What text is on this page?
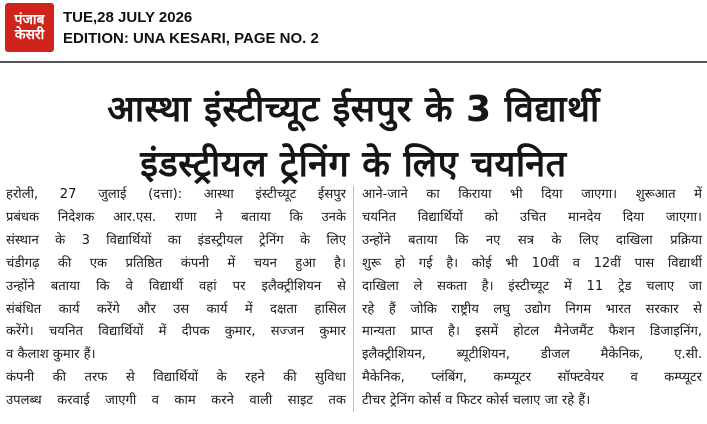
पंजाब
केसरी
TUE,28 JULY 2026
EDITION: UNA KESARI, PAGE NO. 2
आस्था इंस्टीच्यूट ईसपुर के 3 विद्यार्थी
इंडस्ट्रीयल ट्रेनिंग के लिए चयनित
हरोली, 27 जुलाई (दत्ता): आस्था इंस्टीच्यूट ईसपुर
प्रबंधक निदेशक आर.एस. राणा ने बताया कि उनके
संस्थान के 3 विद्यार्थियों का इंडस्ट्रीयल ट्रेनिंग के लिए
चंडीगढ़ की एक प्रतिष्ठित कंपनी में चयन हुआ है।
उन्होंने बताया कि वे विद्यार्थी वहां पर इलैक्ट्रीशियन से
संबंधित कार्य करेंगे और उस कार्य में दक्षता हासिल
करेंगे। चयनित विद्यार्थियों में दीपक कुमार, सज्जन कुमार
व कैलाश कुमार हैं।
कंपनी की तरफ से विद्यार्थियों के रहने की सुविधा
उपलब्ध करवाई जाएगी व काम करने वाली साइट तक
आने-जाने का किराया भी दिया जाएगा। शुरूआत में
चयनित विद्यार्थियों को उचित मानदेय दिया जाएगा।
उन्होंने बताया कि नए सत्र के लिए दाखिला प्रक्रिया
शुरू हो गई है। कोई भी 10वीं व 12वीं पास विद्यार्थी
दाखिला ले सकता है। इंस्टीच्यूट में 11 ट्रेड चलाए जा
रहे हैं जोकि राष्ट्रीय लघु उद्योग निगम भारत सरकार से
मान्यता प्राप्त है। इसमें होटल मैनेजमैंट फैशन डिजाइनिंग,
इलैक्ट्रीशियन, ब्यूटीशियन, डीजल मैकेनिक, ए.सी.
मैकेनिक, प्लंबिंग, कम्प्यूटर सॉफ्टवेयर व कम्प्यूटर
टीचर ट्रेनिंग कोर्स व फिटर कोर्स चलाए जा रहे हैं।
